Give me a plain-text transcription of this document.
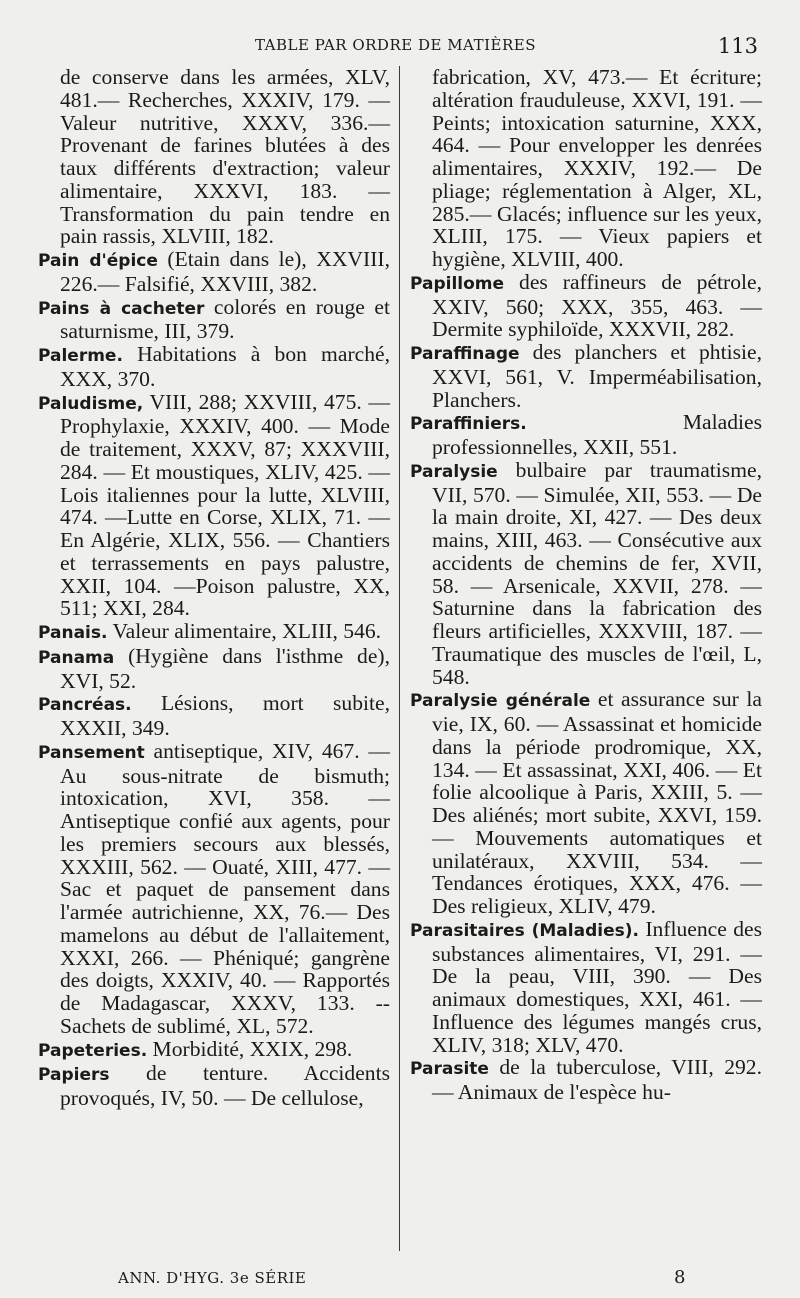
TABLE PAR ORDRE DE MATIÈRES	113

de conserve dans les armées, XLV, 481.— Recherches, XXXIV, 179. — Valeur nutritive, XXXV, 336.—Provenant de farines blutées à des taux différents d'extraction; valeur alimentaire, XXXVI, 183. — Transformation du pain tendre en pain rassis, XLVIII, 182.

Pain d'épice (Etain dans le), XXVIII, 226.— Falsifié, XXVIII, 382.

Pains à cacheter colorés en rouge et saturnisme, III, 379.

Palerme. Habitations à bon marché, XXX, 370.

Paludisme, VIII, 288; XXVIII, 475. — Prophylaxie, XXXIV, 400. — Mode de traitement, XXXV, 87; XXXVIII, 284. — Et moustiques, XLIV, 425. — Lois italiennes pour la lutte, XLVIII, 474. —Lutte en Corse, XLIX, 71. — En Algérie, XLIX, 556. — Chantiers et terrassements en pays palustre, XXII, 104. —Poison palustre, XX, 511; XXI, 284.

Panais. Valeur alimentaire, XLIII, 546.

Panama (Hygiène dans l'isthme de), XVI, 52.

Pancréas. Lésions, mort subite, XXXII, 349.

Pansement antiseptique, XIV, 467. — Au sous-nitrate de bismuth; intoxication, XVI, 358. — Antiseptique confié aux agents, pour les premiers secours aux blessés, XXXIII, 562. — Ouaté, XIII, 477. — Sac et paquet de pansement dans l'armée autrichienne, XX, 76.— Des mamelons au début de l'allaitement, XXXI, 266. — Phéniqué; gangrène des doigts, XXXIV, 40. — Rapportés de Madagascar, XXXV, 133. -- Sachets de sublimé, XL, 572.

Papeteries. Morbidité, XXIX, 298.

Papiers de tenture. Accidents provoqués, IV, 50. — De cellulose,

fabrication, XV, 473.— Et écriture; altération frauduleuse, XXVI, 191. — Peints; intoxication saturnine, XXX, 464. — Pour envelopper les denrées alimentaires, XXXIV, 192.— De pliage; réglementation à Alger, XL, 285.— Glacés; influence sur les yeux, XLIII, 175. — Vieux papiers et hygiène, XLVIII, 400.

Papillome des raffineurs de pétrole, XXIV, 560; XXX, 355, 463. — Dermite syphiloïde, XXXVII, 282.

Paraffinage des planchers et phtisie, XXVI, 561, V. Imperméabilisation, Planchers.

Paraffiniers. Maladies professionnelles, XXII, 551.

Paralysie bulbaire par traumatisme, VII, 570. — Simulée, XII, 553. — De la main droite, XI, 427. — Des deux mains, XIII, 463. — Consécutive aux accidents de chemins de fer, XVII, 58. — Arsenicale, XXVII, 278. — Saturnine dans la fabrication des fleurs artificielles, XXXVIII, 187. — Traumatique des muscles de l'œil, L, 548.

Paralysie générale et assurance sur la vie, IX, 60. — Assassinat et homicide dans la période prodromique, XX, 134. — Et assassinat, XXI, 406. — Et folie alcoolique à Paris, XXIII, 5. — Des aliénés; mort subite, XXVI, 159. — Mouvements automatiques et unilatéraux, XXVIII, 534. — Tendances érotiques, XXX, 476. — Des religieux, XLIV, 479.

Parasitaires (Maladies). Influence des substances alimentaires, VI, 291. — De la peau, VIII, 390. — Des animaux domestiques, XXI, 461. — Influence des légumes mangés crus, XLIV, 318; XLV, 470.

Parasite de la tuberculose, VIII, 292. — Animaux de l'espèce hu-

ANN. D'HYG. 3e SÉRIE	8
